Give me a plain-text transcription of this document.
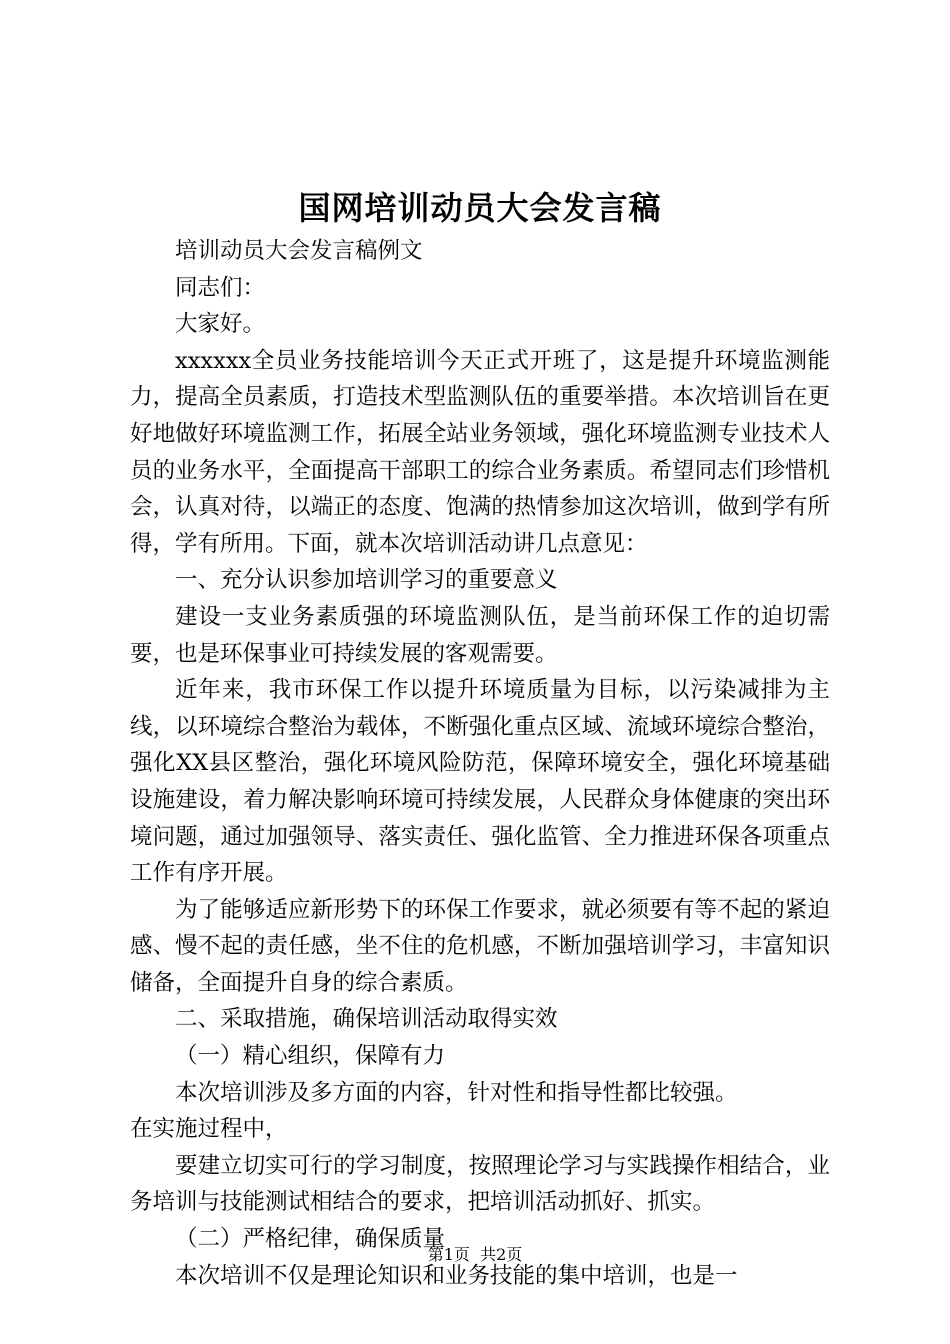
国网培训动员大会发言稿

培训动员大会发言稿例文

同志们：

大家好。

xxxxxx全员业务技能培训今天正式开班了，这是提升环境监测能力，提高全员素质，打造技术型监测队伍的重要举措。本次培训旨在更好地做好环境监测工作，拓展全站业务领域，强化环境监测专业技术人员的业务水平，全面提高干部职工的综合业务素质。希望同志们珍惜机会，认真对待，以端正的态度、饱满的热情参加这次培训，做到学有所得，学有所用。下面，就本次培训活动讲几点意见：

一、充分认识参加培训学习的重要意义

建设一支业务素质强的环境监测队伍，是当前环保工作的迫切需要，也是环保事业可持续发展的客观需要。

近年来，我市环保工作以提升环境质量为目标，以污染减排为主线，以环境综合整治为载体，不断强化重点区域、流域环境综合整治，强化XX县区整治，强化环境风险防范，保障环境安全，强化环境基础设施建设，着力解决影响环境可持续发展，人民群众身体健康的突出环境问题，通过加强领导、落实责任、强化监管、全力推进环保各项重点工作有序开展。

为了能够适应新形势下的环保工作要求，就必须要有等不起的紧迫感、慢不起的责任感，坐不住的危机感，不断加强培训学习，丰富知识储备，全面提升自身的综合素质。

二、采取措施，确保培训活动取得实效

（一）精心组织，保障有力

本次培训涉及多方面的内容，针对性和指导性都比较强。

在实施过程中，

要建立切实可行的学习制度，按照理论学习与实践操作相结合，业务培训与技能测试相结合的要求，把培训活动抓好、抓实。

（二）严格纪律，确保质量

本次培训不仅是理论知识和业务技能的集中培训，也是一

第1页 共2页
